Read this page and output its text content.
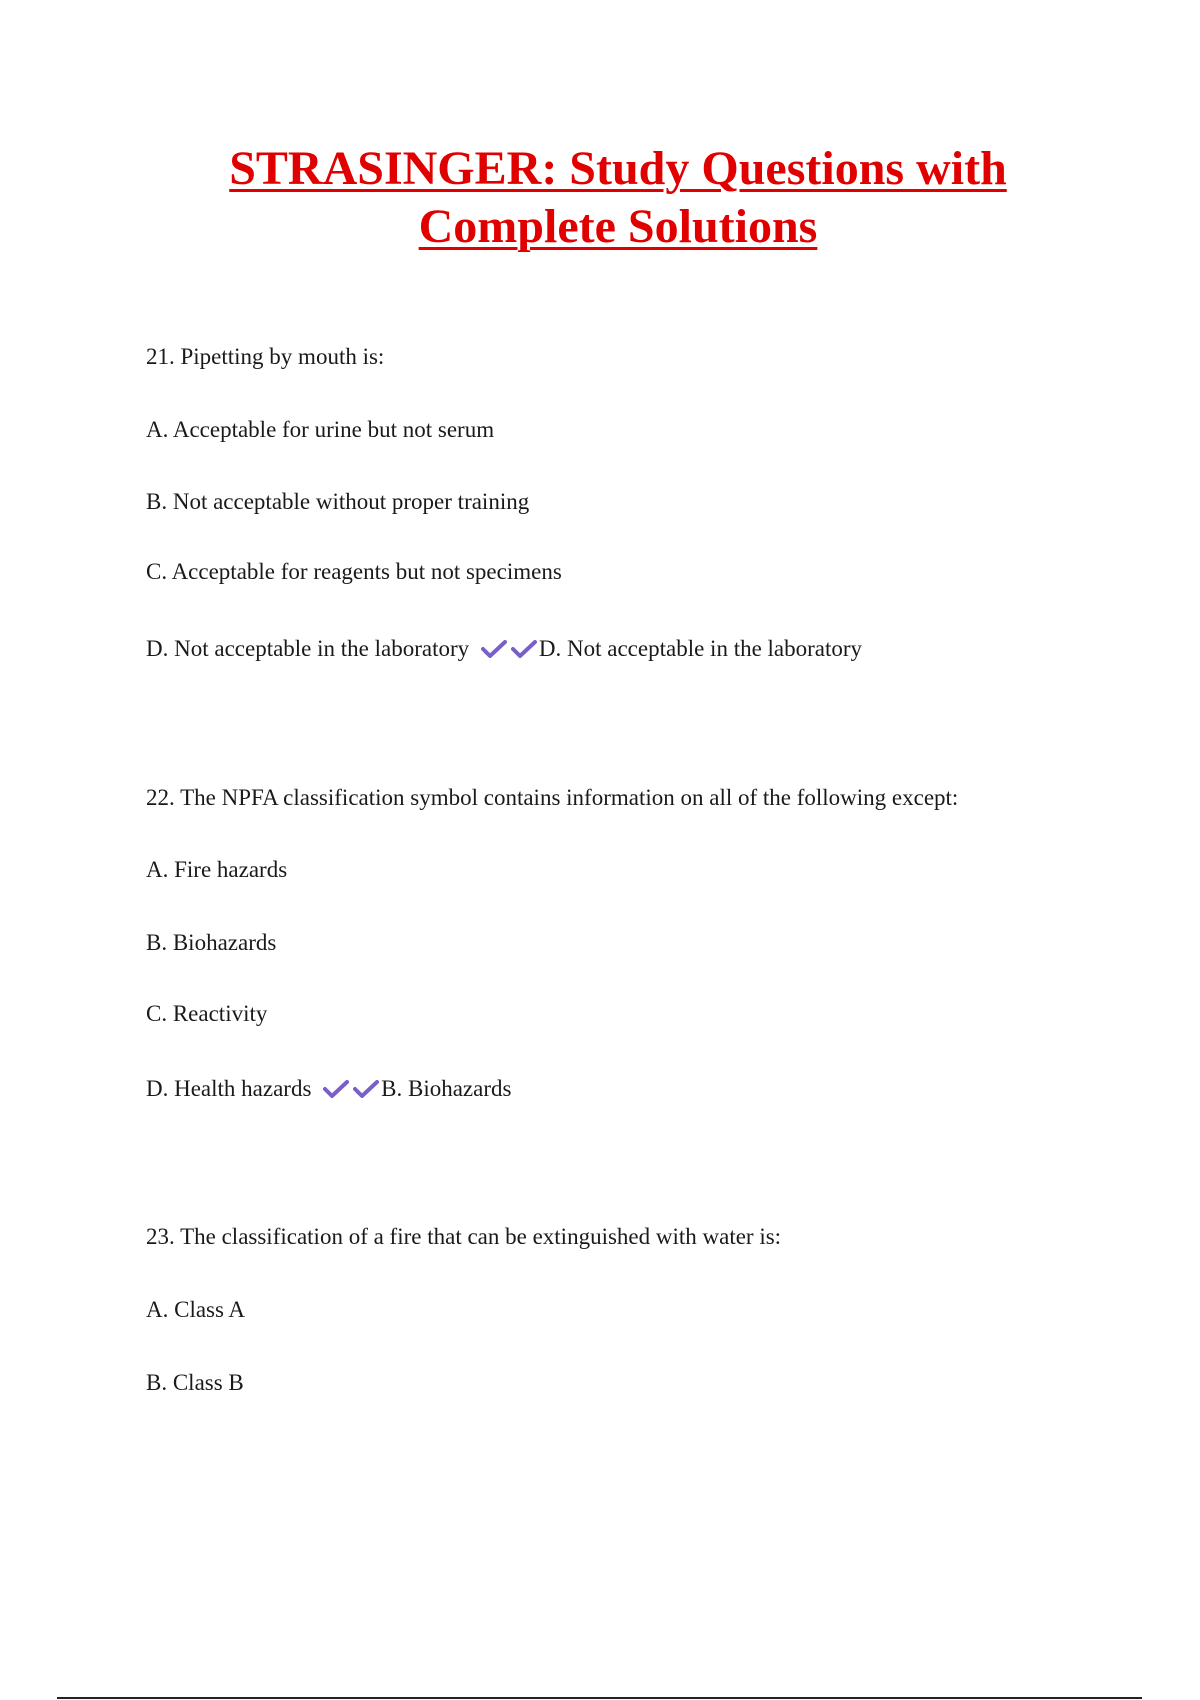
STRASINGER: Study Questions with
Complete Solutions

21. Pipetting by mouth is:

A. Acceptable for urine but not serum

B. Not acceptable without proper training

C. Acceptable for reagents but not specimens

D. Not acceptable in the laboratory	D. Not acceptable in the laboratory

22. The NPFA classification symbol contains information on all of the following except:

A. Fire hazards

B. Biohazards

C. Reactivity

D. Health hazards	B. Biohazards

23. The classification of a fire that can be extinguished with water is:

A. Class A

B. Class B
